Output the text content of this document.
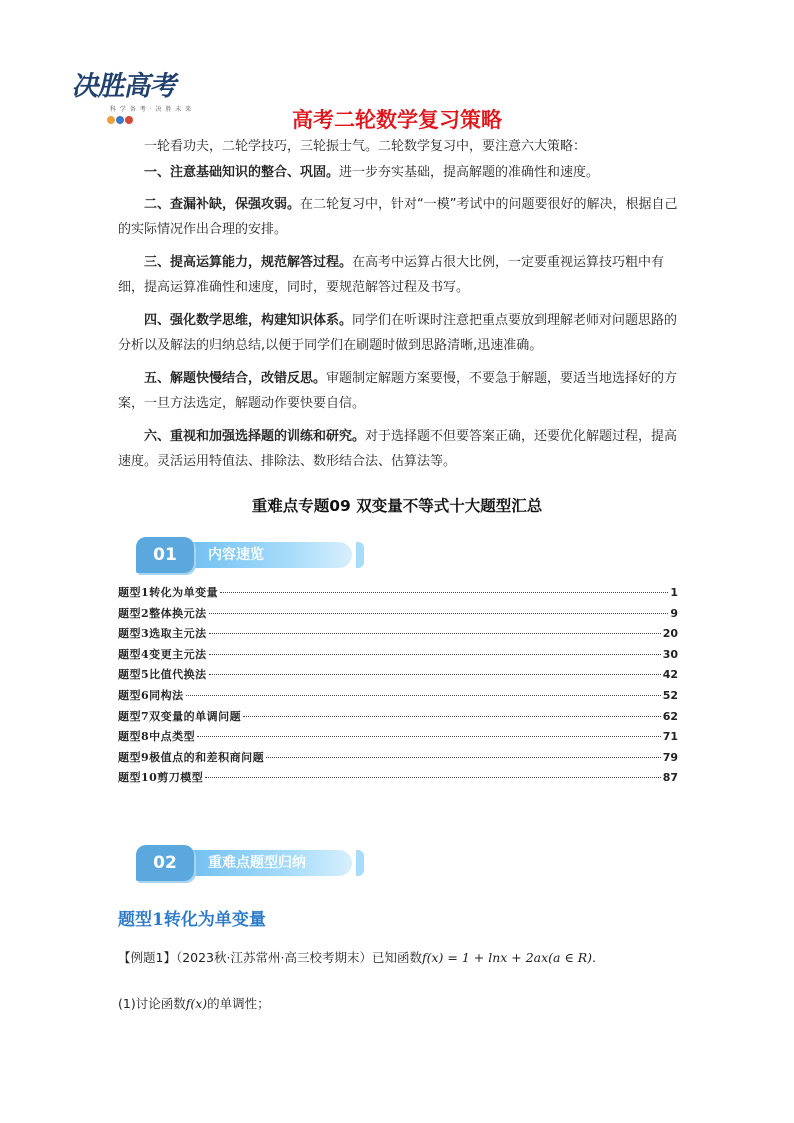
决胜高考
科 学 备 考 · 决 胜 未 来	高考二轮数学复习策略

一轮看功夫，二轮学技巧，三轮振士气。二轮数学复习中，要注意六大策略：

一、注意基础知识的整合、巩固。进一步夯实基础，提高解题的准确性和速度。

二、查漏补缺，保强攻弱。在二轮复习中，针对“一模”考试中的问题要很好的解决，根据自己的实际情况作出合理的安排。

三、提高运算能力，规范解答过程。在高考中运算占很大比例，一定要重视运算技巧粗中有细，提高运算准确性和速度，同时，要规范解答过程及书写。

四、强化数学思维，构建知识体系。同学们在听课时注意把重点要放到理解老师对问题思路的分析以及解法的归纳总结,以便于同学们在刷题时做到思路清晰,迅速准确。

五、解题快慢结合，改错反思。审题制定解题方案要慢，不要急于解题，要适当地选择好的方案，一旦方法选定，解题动作要快要自信。

六、重视和加强选择题的训练和研究。对于选择题不但要答案正确，还要优化解题过程，提高速度。灵活运用特值法、排除法、数形结合法、估算法等。

重难点专题09 双变量不等式十大题型汇总
01	内容速览
题型1转化为单变量	1
题型2整体换元法	9
题型3选取主元法	20
题型4变更主元法	30
题型5比值代换法	42
题型6同构法	52
题型7双变量的单调问题	62
题型8中点类型	71
题型9极值点的和差积商问题	79
题型10剪刀模型	87
02	重难点题型归纳
题型1转化为单变量

【例题1】（2023秋·江苏常州·高三校考期末）已知函数f(x) = 1 + lnx + 2ax(a ∈ R).

(1)讨论函数f(x)的单调性；
